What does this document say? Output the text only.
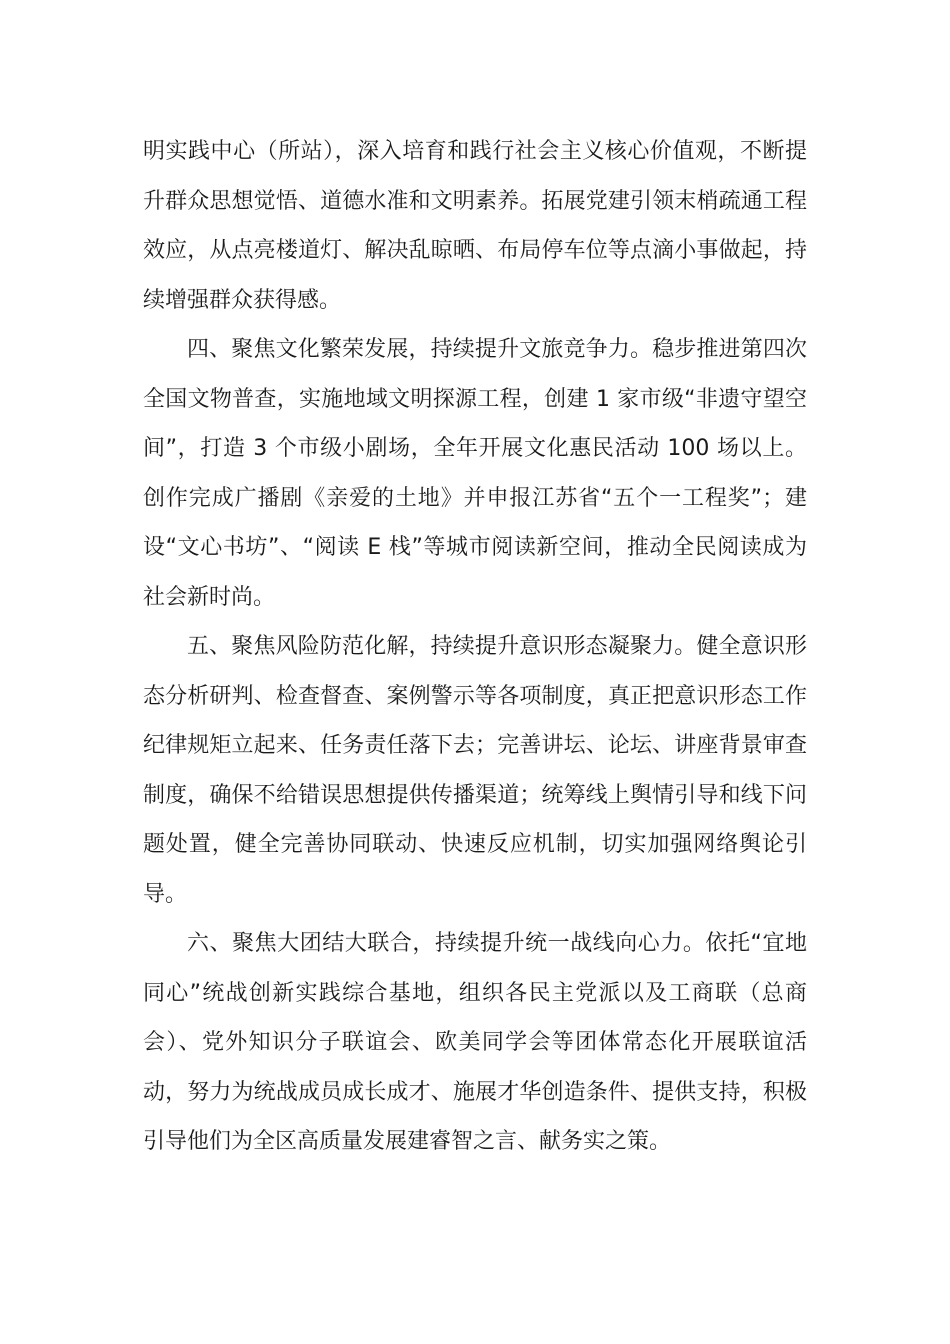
明实践中心（所站），深入培育和践行社会主义核心价值观，不断提升群众思想觉悟、道德水准和文明素养。拓展党建引领末梢疏通工程效应，从点亮楼道灯、解决乱晾晒、布局停车位等点滴小事做起，持续增强群众获得感。

四、聚焦文化繁荣发展，持续提升文旅竞争力。稳步推进第四次全国文物普查，实施地域文明探源工程，创建 1 家市级“非遗守望空间”，打造 3 个市级小剧场，全年开展文化惠民活动 100 场以上。创作完成广播剧《亲爱的土地》并申报江苏省“五个一工程奖”；建设“文心书坊”、“阅读 E 栈”等城市阅读新空间，推动全民阅读成为社会新时尚。

五、聚焦风险防范化解，持续提升意识形态凝聚力。健全意识形态分析研判、检查督查、案例警示等各项制度，真正把意识形态工作纪律规矩立起来、任务责任落下去；完善讲坛、论坛、讲座背景审查制度，确保不给错误思想提供传播渠道；统筹线上舆情引导和线下问题处置，健全完善协同联动、快速反应机制，切实加强网络舆论引导。

六、聚焦大团结大联合，持续提升统一战线向心力。依托“宜地同心”统战创新实践综合基地，组织各民主党派以及工商联（总商会）、党外知识分子联谊会、欧美同学会等团体常态化开展联谊活动，努力为统战成员成长成才、施展才华创造条件、提供支持，积极引导他们为全区高质量发展建睿智之言、献务实之策。
